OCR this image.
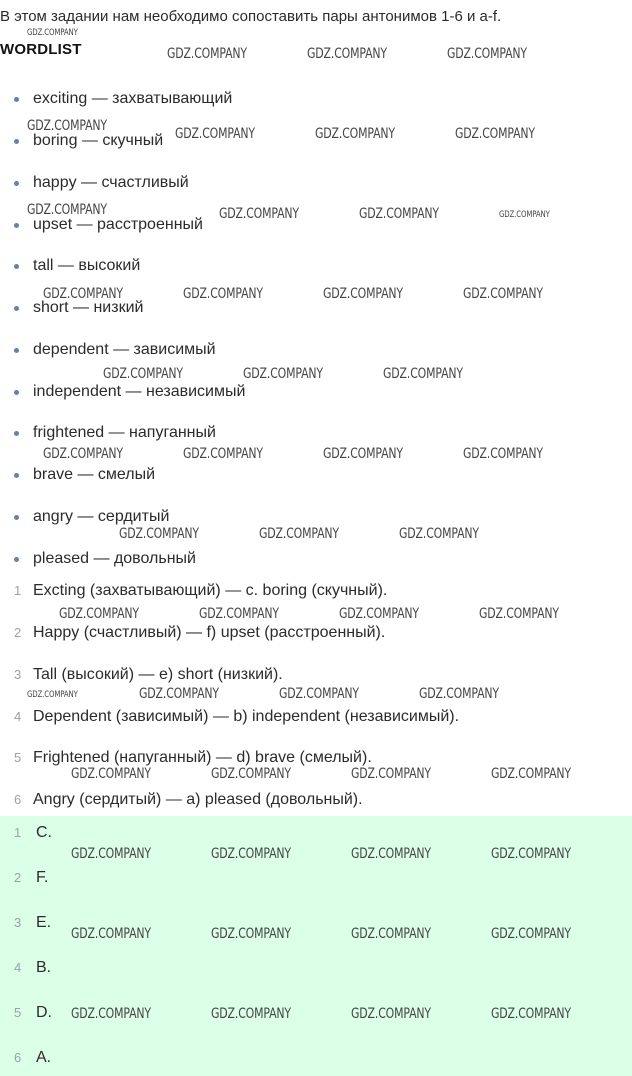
В этом задании нам необходимо сопоставить пары антонимов 1-6 и a-f.
WORDLIST
exciting — захватывающий
boring — скучный
happy — счастливый
upset — расстроенный
tall — высокий
short — низкий
dependent — зависимый
independent — независимый
frightened — напуганный
brave — смелый
angry — сердитый
pleased — довольный
1 Excting (захватывающий) — c. boring (скучный).
2 Happy (счастливый) — f) upset (расстроенный).
3 Tall (высокий) — e) short (низкий).
4 Dependent (зависимый) — b) independent (независимый).
5 Frightened (напуганный) — d) brave (смелый).
6 Angry (сердитый) — a) pleased (довольный).
1 C.
2 F.
3 E.
4 B.
5 D.
6 A.
GDZ.COMPANY
GDZ.COMPANY	GDZ.COMPANY	GDZ.COMPANY
GDZ.COMPANY	GDZ.COMPANY	GDZ.COMPANY	GDZ.COMPANY
GDZ.COMPANY	GDZ.COMPANY	GDZ.COMPANY	GDZ.COMPANY
GDZ.COMPANY	GDZ.COMPANY	GDZ.COMPANY	GDZ.COMPANY
GDZ.COMPANY	GDZ.COMPANY	GDZ.COMPANY
GDZ.COMPANY	GDZ.COMPANY	GDZ.COMPANY	GDZ.COMPANY
GDZ.COMPANY	GDZ.COMPANY	GDZ.COMPANY
GDZ.COMPANY	GDZ.COMPANY	GDZ.COMPANY	GDZ.COMPANY
GDZ.COMPANY	GDZ.COMPANY	GDZ.COMPANY	GDZ.COMPANY
GDZ.COMPANY	GDZ.COMPANY	GDZ.COMPANY	GDZ.COMPANY
GDZ.COMPANY	GDZ.COMPANY	GDZ.COMPANY	GDZ.COMPANY
GDZ.COMPANY	GDZ.COMPANY	GDZ.COMPANY	GDZ.COMPANY
GDZ.COMPANY	GDZ.COMPANY	GDZ.COMPANY	GDZ.COMPANY
